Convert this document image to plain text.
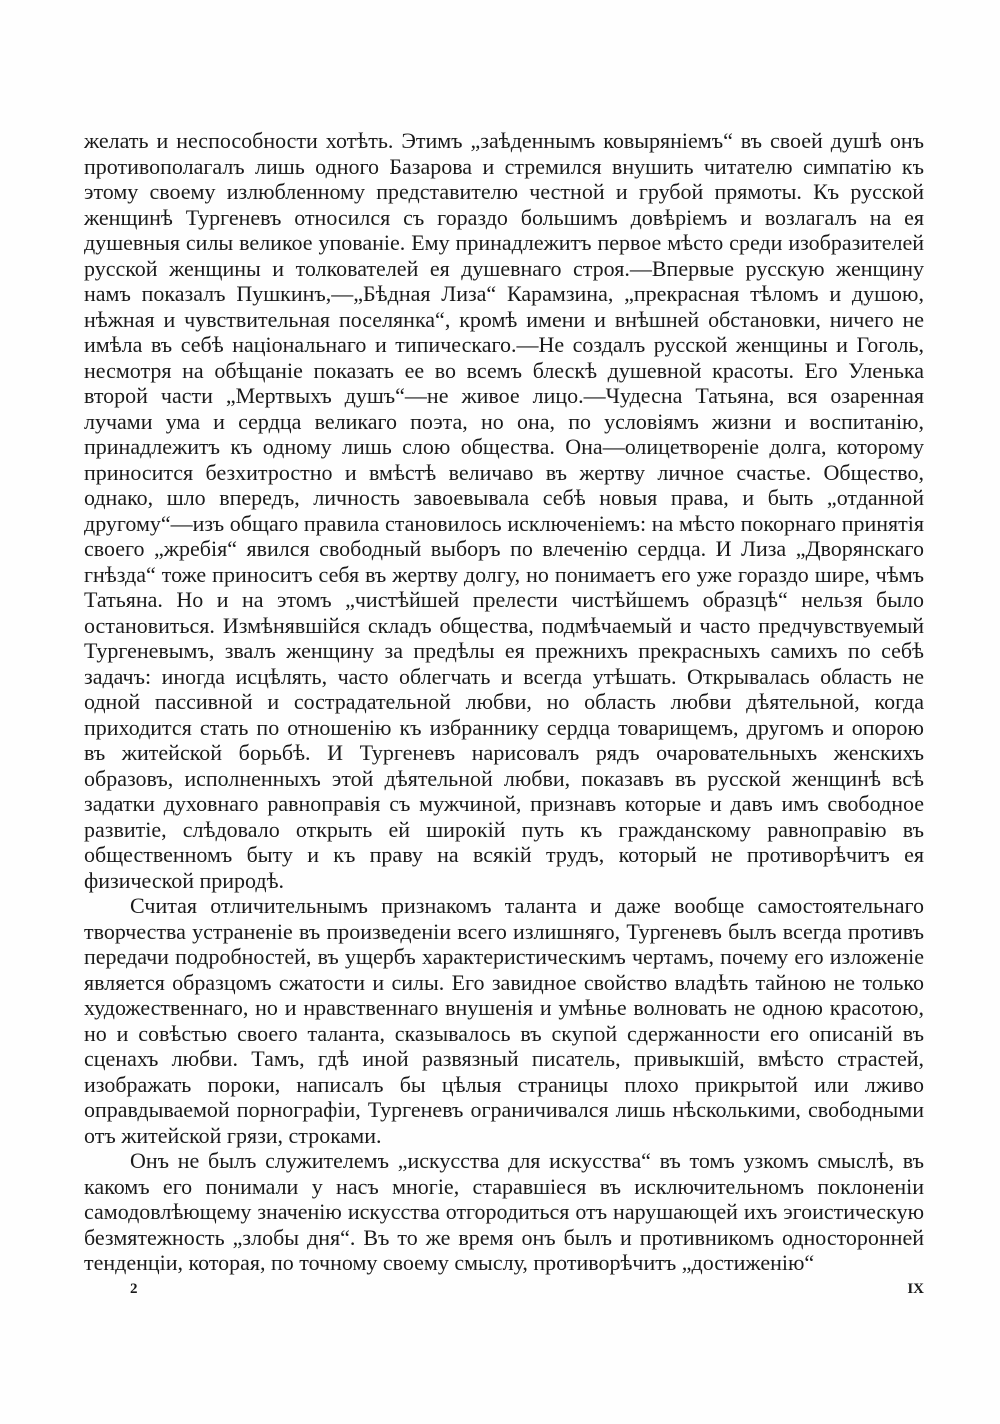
желать и неспособности хотѣть. Этимъ „заѣденнымъ ковыряніемъ“ въ своей душѣ онъ противополагалъ лишь одного Базарова и стремился внушить читателю симпатію къ этому своему излюбленному представителю честной и грубой прямоты. Къ русской женщинѣ Тургеневъ относился съ гораздо большимъ довѣріемъ и возлагалъ на ея душевныя силы великое упованіе. Ему принадлежитъ первое мѣсто среди изобразителей русской женщины и толкователей ея душевнаго строя.—Впервые русскую женщину намъ показалъ Пушкинъ,—„Бѣдная Лиза“ Карамзина, „прекрасная тѣломъ и душою, нѣжная и чувствительная поселянка“, кромѣ имени и внѣшней обстановки, ничего не имѣла въ себѣ національнаго и типическаго.—Не создалъ русской женщины и Гоголь, несмотря на обѣщаніе показать ее во всемъ блескѣ душевной красоты. Его Уленька второй части „Мертвыхъ душъ“—не живое лицо.—Чудесна Татьяна, вся озаренная лучами ума и сердца великаго поэта, но она, по условіямъ жизни и воспитанію, принадлежитъ къ одному лишь слою общества. Она—олицетвореніе долга, которому приносится безхитростно и вмѣстѣ величаво въ жертву личное счастье. Общество, однако, шло впередъ, личность завоевывала себѣ новыя права, и быть „отданной другому“—изъ общаго правила становилось исключеніемъ: на мѣсто покорнаго принятія своего „жребія“ явился свободный выборъ по влеченію сердца. И Лиза „Дворянскаго гнѣзда“ тоже приноситъ себя въ жертву долгу, но понимаетъ его уже гораздо шире, чѣмъ Татьяна. Но и на этомъ „чистѣйшей прелести чистѣйшемъ образцѣ“ нельзя было остановиться. Измѣнявшійся складъ общества, подмѣчаемый и часто предчувствуемый Тургеневымъ, звалъ женщину за предѣлы ея прежнихъ прекрасныхъ самихъ по себѣ задачъ: иногда исцѣлять, часто облегчать и всегда утѣшать. Открывалась область не одной пассивной и сострадательной любви, но область любви дѣятельной, когда приходится стать по отношенію къ избраннику сердца товарищемъ, другомъ и опорою въ житейской борьбѣ. И Тургеневъ нарисовалъ рядъ очаровательныхъ женскихъ образовъ, исполненныхъ этой дѣятельной любви, показавъ въ русской женщинѣ всѣ задатки духовнаго равноправія съ мужчиной, признавъ которые и давъ имъ свободное развитіе, слѣдовало открыть ей широкій путь къ гражданскому равноправію въ общественномъ быту и къ праву на всякій трудъ, который не противорѣчитъ ея физической природѣ.

Считая отличительнымъ признакомъ таланта и даже вообще самостоятельнаго творчества устраненіе въ произведеніи всего излишняго, Тургеневъ былъ всегда противъ передачи подробностей, въ ущербъ характеристическимъ чертамъ, почему его изложеніе является образцомъ сжатости и силы. Его завидное свойство владѣть тайною не только художественнаго, но и нравственнаго внушенія и умѣнье волновать не одною красотою, но и совѣстью своего таланта, сказывалось въ скупой сдержанности его описаній въ сценахъ любви. Тамъ, гдѣ иной развязный писатель, привыкшій, вмѣсто страстей, изображать пороки, написалъ бы цѣлыя страницы плохо прикрытой или лживо оправдываемой порнографіи, Тургеневъ ограничивался лишь нѣсколькими, свободными отъ житейской грязи, строками.

Онъ не былъ служителемъ „искусства для искусства“ въ томъ узкомъ смыслѣ, въ какомъ его понимали у насъ многіе, старавшіеся въ исключительномъ поклоненіи самодовлѣющему значенію искусства отгородиться отъ нарушающей ихъ эгоистическую безмятежность „злобы дня“. Въ то же время онъ былъ и противникомъ односторонней тенденціи, которая, по точному своему смыслу, противорѣчитъ „достиженію“

2	IX
